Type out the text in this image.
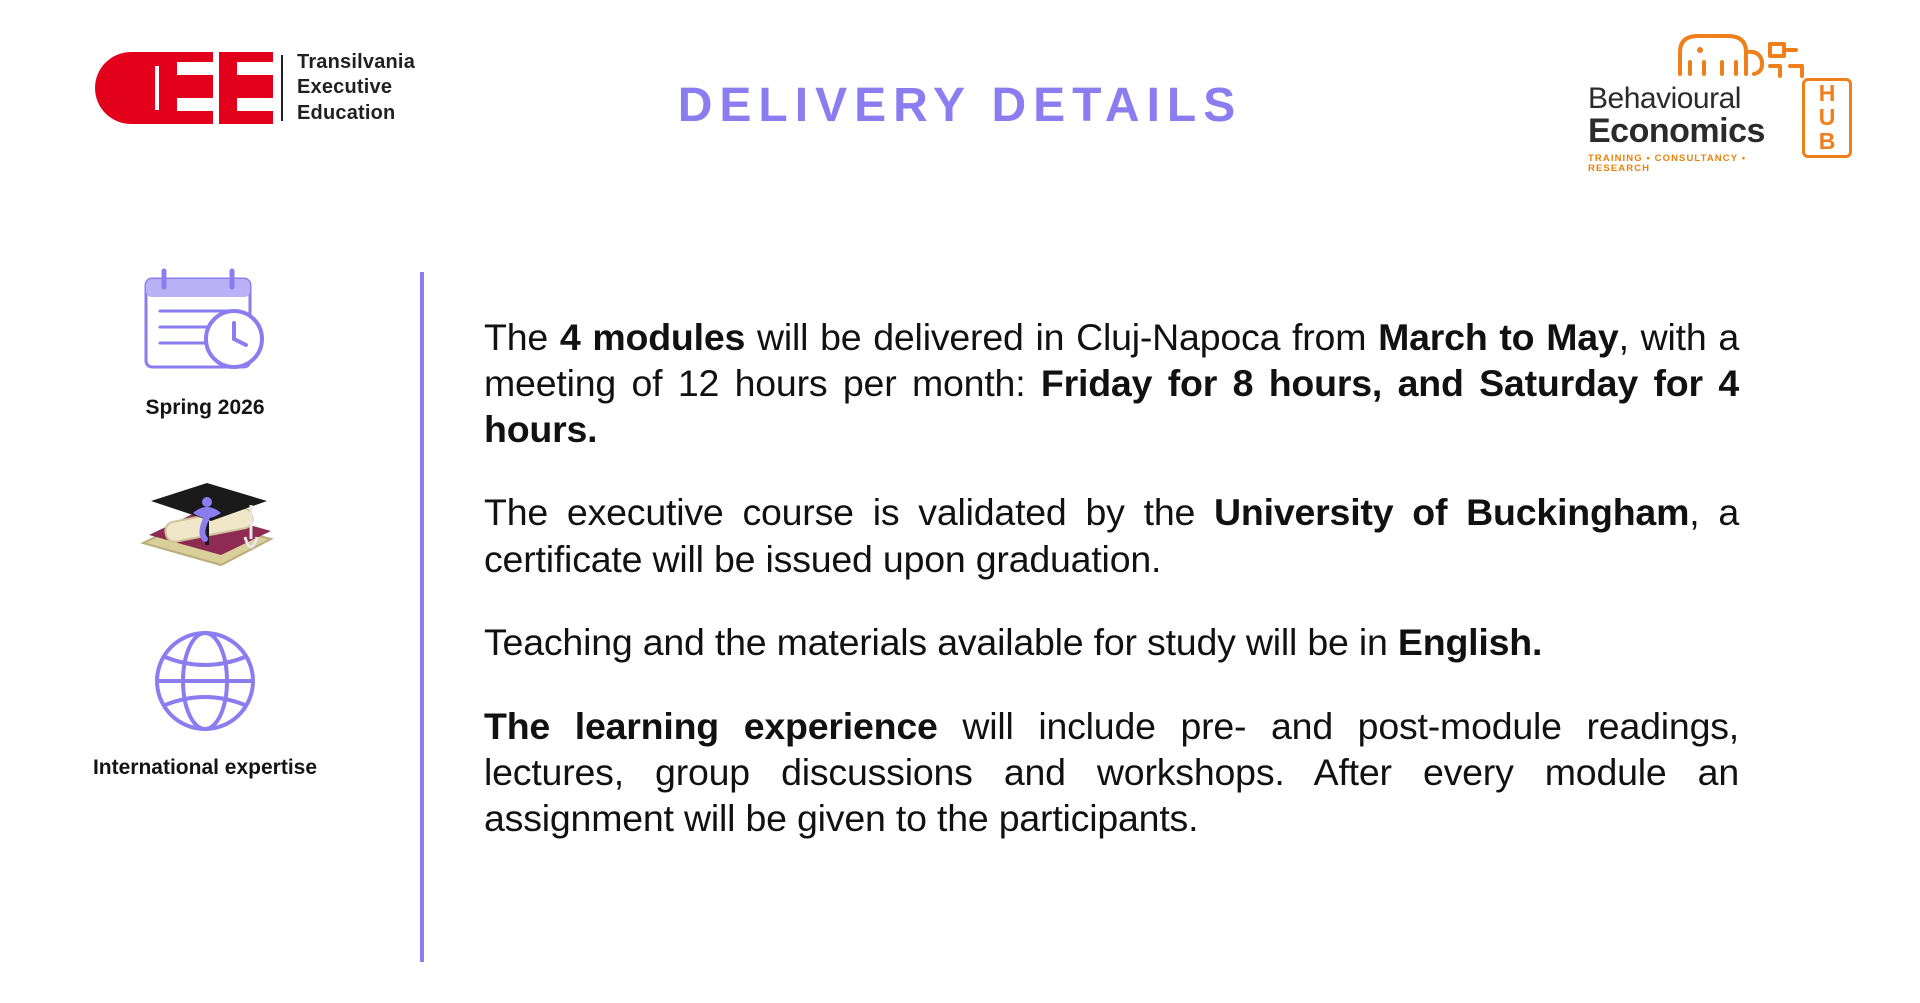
Transilvania
Executive
Education	DELIVERY DETAILS	Behavioural
Economics
TRAINING • CONSULTANCY • RESEARCH
H
U
B
Spring 2026
International expertise

The 4 modules will be delivered in Cluj-Napoca from March to May, with a meeting of 12 hours per month: Friday for 8 hours, and Saturday for 4 hours.

The executive course is validated by the University of Buckingham, a certificate will be issued upon graduation.

Teaching and the materials available for study will be in English.

The learning experience will include pre- and post-module readings, lectures, group discussions and workshops. After every module an assignment will be given to the participants.
